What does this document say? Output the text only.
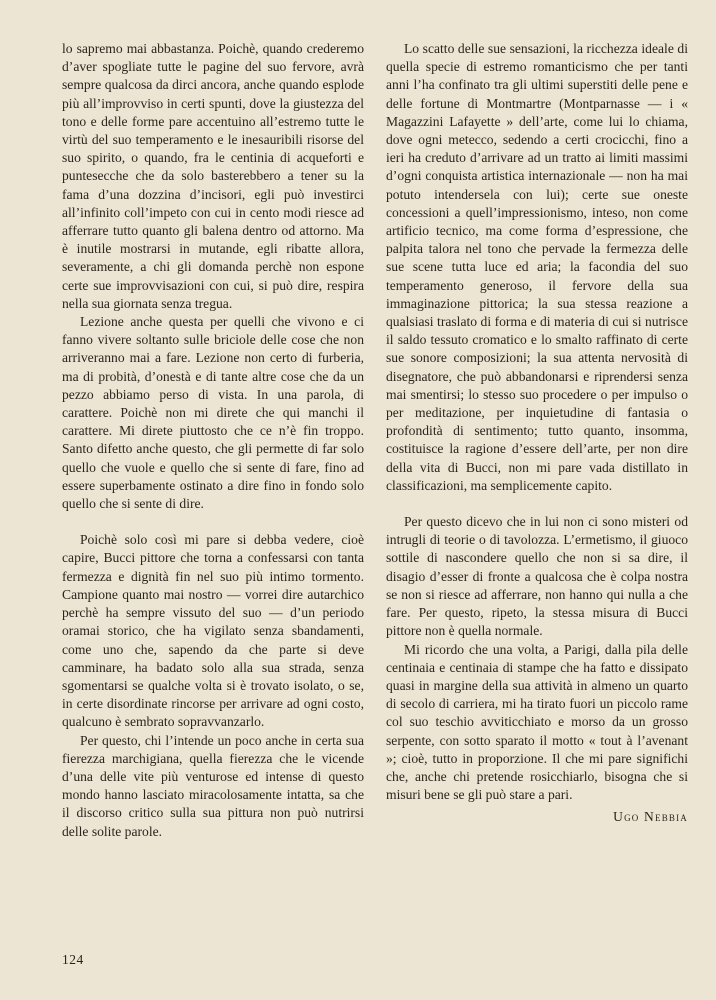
lo sapremo mai abbastanza. Poichè, quando crederemo d’aver spogliate tutte le pagine del suo fervore, avrà sempre qualcosa da dirci ancora, anche quando esplode più all’improvviso in certi spunti, dove la giustezza del tono e delle forme pare accentuino all’estremo tutte le virtù del suo temperamento e le inesauribili risorse del suo spirito, o quando, fra le centinia di acqueforti e puntesecche che da solo basterebbero a tener su la fama d’una dozzina d’incisori, egli può investirci all’infinito coll’impeto con cui in cento modi riesce ad afferrare tutto quanto gli balena dentro od attorno. Ma è inutile mostrarsi in mutande, egli ribatte allora, severamente, a chi gli domanda perchè non espone certe sue improvvisazioni con cui, si può dire, respira nella sua giornata senza tregua.

Lezione anche questa per quelli che vivono e ci fanno vivere soltanto sulle briciole delle cose che non arriveranno mai a fare. Lezione non certo di furberia, ma di probità, d’onestà e di tante altre cose che da un pezzo abbiamo perso di vista. In una parola, di carattere. Poichè non mi direte che qui manchi il carattere. Mi direte piuttosto che ce n’è fin troppo. Santo difetto anche questo, che gli permette di far solo quello che vuole e quello che si sente di fare, fino ad essere superbamente ostinato a dire fino in fondo solo quello che si sente di dire.

Poichè solo così mi pare si debba vedere, cioè capire, Bucci pittore che torna a confessarsi con tanta fermezza e dignità fin nel suo più intimo tormento. Campione quanto mai nostro — vorrei dire autarchico perchè ha sempre vissuto del suo — d’un periodo oramai storico, che ha vigilato senza sbandamenti, come uno che, sapendo da che parte si deve camminare, ha badato solo alla sua strada, senza sgomentarsi se qualche volta si è trovato isolato, o se, in certe disordinate rincorse per arrivare ad ogni costo, qualcuno è sembrato sopravvanzarlo.

Per questo, chi l’intende un poco anche in certa sua fierezza marchigiana, quella fierezza che le vicende d’una delle vite più venturose ed intense di questo mondo hanno lasciato miracolosamente intatta, sa che il discorso critico sulla sua pittura non può nutrirsi delle solite parole.

Lo scatto delle sue sensazioni, la ricchezza ideale di quella specie di estremo romanticismo che per tanti anni l’ha confinato tra gli ultimi superstiti delle pene e delle fortune di Montmartre (Montparnasse — i « Magazzini Lafayette » dell’arte, come lui lo chiama, dove ogni metecco, sedendo a certi crocicchi, fino a ieri ha creduto d’arrivare ad un tratto ai limiti massimi d’ogni conquista artistica internazionale — non ha mai potuto intendersela con lui); certe sue oneste concessioni a quell’impressionismo, inteso, non come artificio tecnico, ma come forma d’espressione, che palpita talora nel tono che pervade la fermezza delle sue scene tutta luce ed aria; la facondia del suo temperamento generoso, il fervore della sua immaginazione pittorica; la sua stessa reazione a qualsiasi traslato di forma e di materia di cui si nutrisce il saldo tessuto cromatico e lo smalto raffinato di certe sue sonore composizioni; la sua attenta nervosità di disegnatore, che può abbandonarsi e riprendersi senza mai smentirsi; lo stesso suo procedere o per impulso o per meditazione, per inquietudine di fantasia o profondità di sentimento; tutto quanto, insomma, costituisce la ragione d’essere dell’arte, per non dire della vita di Bucci, non mi pare vada distillato in classificazioni, ma semplicemente capito.

Per questo dicevo che in lui non ci sono misteri od intrugli di teorie o di tavolozza. L’ermetismo, il giuoco sottile di nascondere quello che non si sa dire, il disagio d’esser di fronte a qualcosa che è colpa nostra se non si riesce ad afferrare, non hanno qui nulla a che fare. Per questo, ripeto, la stessa misura di Bucci pittore non è quella normale.

Mi ricordo che una volta, a Parigi, dalla pila delle centinaia e centinaia di stampe che ha fatto e dissipato quasi in margine della sua attività in almeno un quarto di secolo di carriera, mi ha tirato fuori un piccolo rame col suo teschio avviticchiato e morso da un grosso serpente, con sotto sparato il motto « tout à l’avenant »; cioè, tutto in proporzione. Il che mi pare significhi che, anche chi pretende rosicchiarlo, bisogna che si misuri bene se gli può stare a pari.

Ugo Nebbia
124
